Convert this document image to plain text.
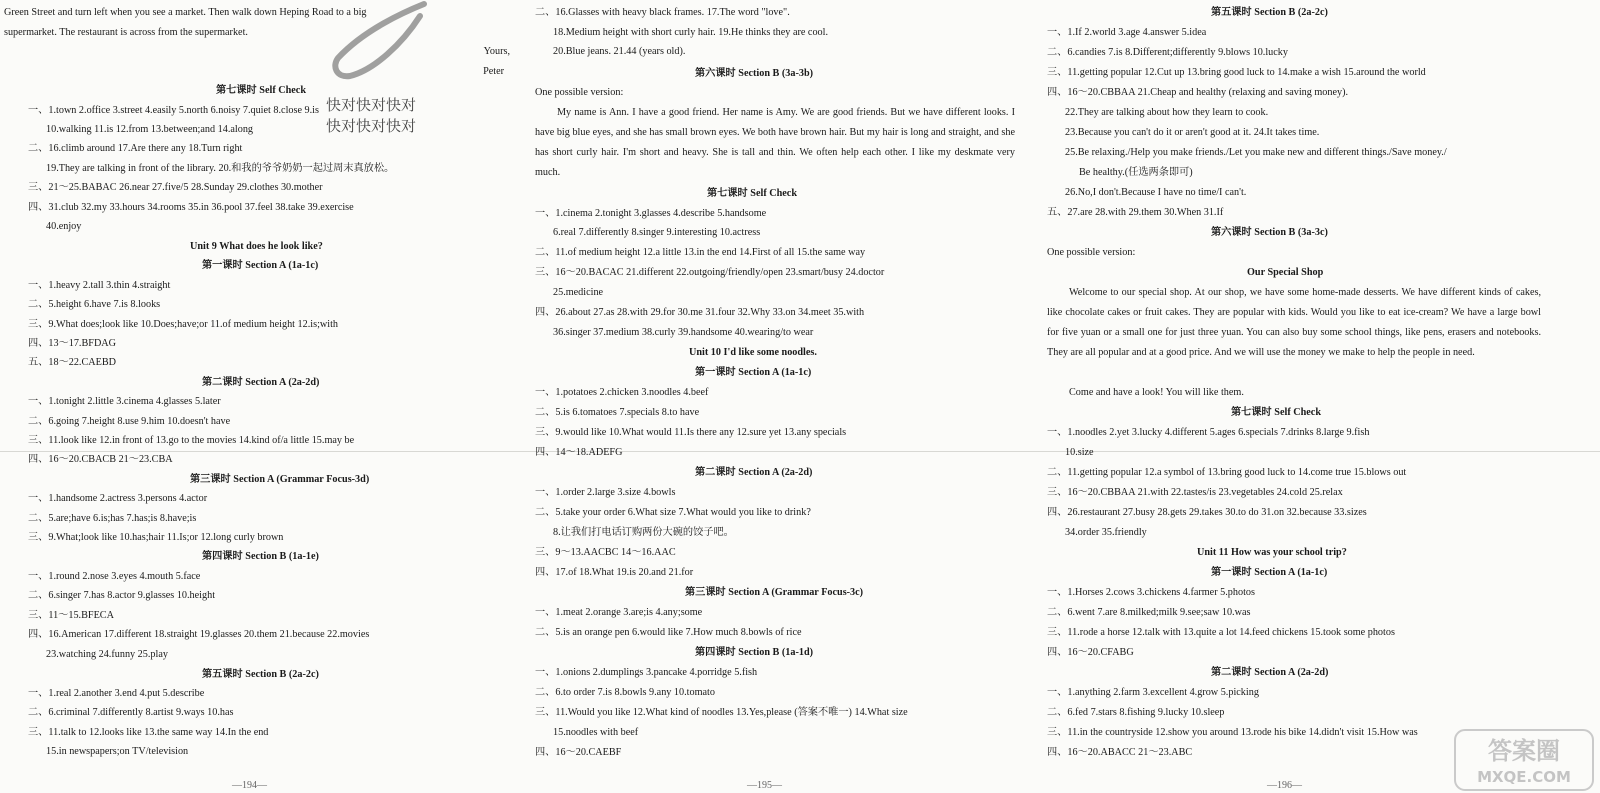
Green Street and turn left when you see a market. Then walk down Heping Road to a big
supermarket. The restaurant is across from the supermarket.
Yours,
Peter
第七课时 Self Check
一、1.town 2.office 3.street 4.easily 5.north 6.noisy 7.quiet 8.close 9.is
10.walking 11.is 12.from 13.between;and 14.along
二、16.climb around 17.Are there any 18.Turn right
19.They are talking in front of the library. 20.和我的爷爷奶奶一起过周末真放松。
三、21～25.BABAC 26.near 27.five/5 28.Sunday 29.clothes 30.mother
四、31.club 32.my 33.hours 34.rooms 35.in 36.pool 37.feel 38.take 39.exercise
40.enjoy
Unit 9 What does he look like?
第一课时 Section A (1a-1c)
一、1.heavy 2.tall 3.thin 4.straight
二、5.height 6.have 7.is 8.looks
三、9.What does;look like 10.Does;have;or 11.of medium height 12.is;with
四、13～17.BFDAG
五、18～22.CAEBD
第二课时 Section A (2a-2d)
一、1.tonight 2.little 3.cinema 4.glasses 5.later
二、6.going 7.height 8.use 9.him 10.doesn't have
三、11.look like 12.in front of 13.go to the movies 14.kind of/a little 15.may be
四、16～20.CBACB 21～23.CBA
第三课时 Section A (Grammar Focus-3d)
一、1.handsome 2.actress 3.persons 4.actor
二、5.are;have 6.is;has 7.has;is 8.have;is
三、9.What;look like 10.has;hair 11.Is;or 12.long curly brown
第四课时 Section B (1a-1e)
一、1.round 2.nose 3.eyes 4.mouth 5.face
二、6.singer 7.has 8.actor 9.glasses 10.height
三、11～15.BFECA
四、16.American 17.different 18.straight 19.glasses 20.them 21.because 22.movies
23.watching 24.funny 25.play
第五课时 Section B (2a-2c)
一、1.real 2.another 3.end 4.put 5.describe
二、6.criminal 7.differently 8.artist 9.ways 10.has
三、11.talk to 12.looks like 13.the same way 14.In the end
15.in newspapers;on TV/television
—194—
快对快对快对
快对快对快对
二、16.Glasses with heavy black frames. 17.The word "love".
18.Medium height with short curly hair. 19.He thinks they are cool.
20.Blue jeans. 21.44 (years old).
第六课时 Section B (3a-3b)
One possible version:
My name is Ann. I have a good friend. Her name is Amy. We are good friends. But we have different looks. I have big blue eyes, and she has small brown eyes. We both have brown hair. But my hair is long and straight, and she has short curly hair. I'm short and heavy. She is tall and thin. We often help each other. I like my deskmate very much.
第七课时 Self Check
一、1.cinema 2.tonight 3.glasses 4.describe 5.handsome
6.real 7.differently 8.singer 9.interesting 10.actress
二、11.of medium height 12.a little 13.in the end 14.First of all 15.the same way
三、16～20.BACAC 21.different 22.outgoing/friendly/open 23.smart/busy 24.doctor
25.medicine
四、26.about 27.as 28.with 29.for 30.me 31.four 32.Why 33.on 34.meet 35.with
36.singer 37.medium 38.curly 39.handsome 40.wearing/to wear
Unit 10 I'd like some noodles.
第一课时 Section A (1a-1c)
一、1.potatoes 2.chicken 3.noodles 4.beef
二、5.is 6.tomatoes 7.specials 8.to have
三、9.would like 10.What would 11.Is there any 12.sure yet 13.any specials
四、14～18.ADEFG
第二课时 Section A (2a-2d)
一、1.order 2.large 3.size 4.bowls
二、5.take your order 6.What size 7.What would you like to drink?
8.让我们打电话订购两份大碗的饺子吧。
三、9～13.AACBC 14～16.AAC
四、17.of 18.What 19.is 20.and 21.for
第三课时 Section A (Grammar Focus-3c)
一、1.meat 2.orange 3.are;is 4.any;some
二、5.is an orange pen 6.would like 7.How much 8.bowls of rice
第四课时 Section B (1a-1d)
一、1.onions 2.dumplings 3.pancake 4.porridge 5.fish
二、6.to order 7.is 8.bowls 9.any 10.tomato
三、11.Would you like 12.What kind of noodles 13.Yes,please (答案不唯一) 14.What size
15.noodles with beef
四、16～20.CAEBF
—195—
第五课时 Section B (2a-2c)
一、1.If 2.world 3.age 4.answer 5.idea
二、6.candies 7.is 8.Different;differently 9.blows 10.lucky
三、11.getting popular 12.Cut up 13.bring good luck to 14.make a wish 15.around the world
四、16～20.CBBAA 21.Cheap and healthy (relaxing and saving money).
22.They are talking about how they learn to cook.
23.Because you can't do it or aren't good at it. 24.It takes time.
25.Be relaxing./Help you make friends./Let you make new and different things./Save money./
Be healthy.(任选两条即可)
26.No,I don't.Because I have no time/I can't.
五、27.are 28.with 29.them 30.When 31.If
第六课时 Section B (3a-3c)
One possible version:
Our Special Shop
Welcome to our special shop. At our shop, we have some home-made desserts. We have different kinds of cakes, like chocolate cakes or fruit cakes. They are popular with kids. Would you like to eat ice-cream? We have a large bowl for five yuan or a small one for just three yuan. You can also buy some school things, like pens, erasers and notebooks. They are all popular and at a good price. And we will use the money we make to help the people in need.
Come and have a look! You will like them.
第七课时 Self Check
一、1.noodles 2.yet 3.lucky 4.different 5.ages 6.specials 7.drinks 8.large 9.fish
10.size
二、11.getting popular 12.a symbol of 13.bring good luck to 14.come true 15.blows out
三、16～20.CBBAA 21.with 22.tastes/is 23.vegetables 24.cold 25.relax
四、26.restaurant 27.busy 28.gets 29.takes 30.to do 31.on 32.because 33.sizes
34.order 35.friendly
Unit 11 How was your school trip?
第一课时 Section A (1a-1c)
一、1.Horses 2.cows 3.chickens 4.farmer 5.photos
二、6.went 7.are 8.milked;milk 9.see;saw 10.was
三、11.rode a horse 12.talk with 13.quite a lot 14.feed chickens 15.took some photos
四、16～20.CFABG
第二课时 Section A (2a-2d)
一、1.anything 2.farm 3.excellent 4.grow 5.picking
二、6.fed 7.stars 8.fishing 9.lucky 10.sleep
三、11.in the countryside 12.show you around 13.rode his bike 14.didn't visit 15.How was
四、16～20.ABACC 21～23.ABC
—196—
答案圈
MXQE.COM
